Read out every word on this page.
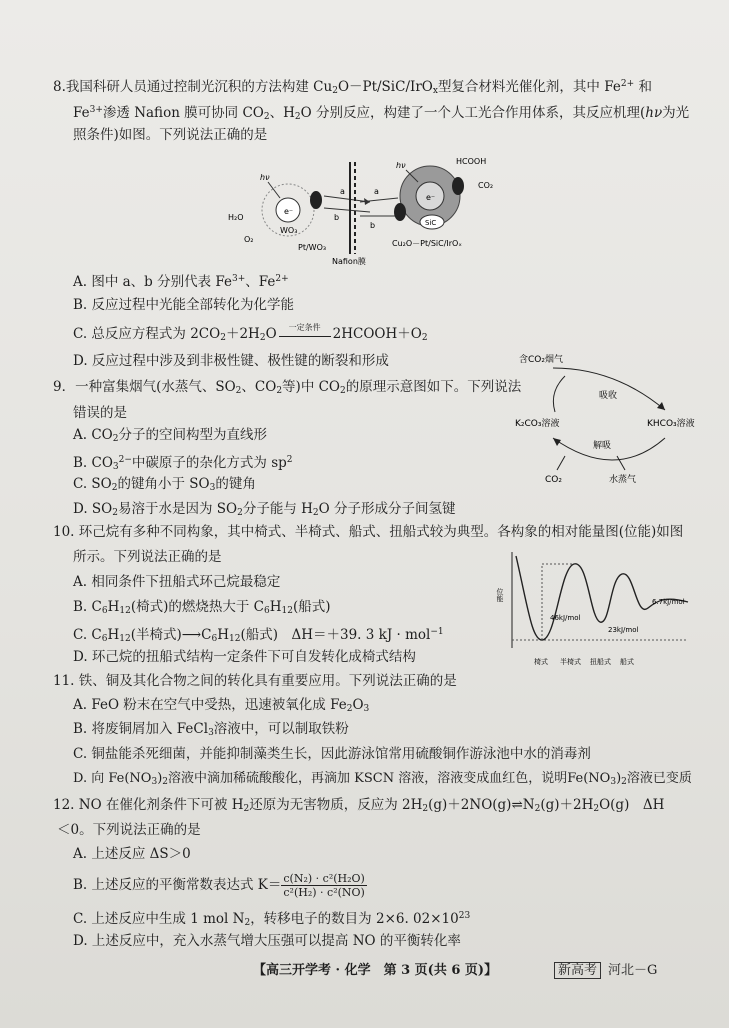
8.我国科研人员通过控制光沉积的方法构建 $Cu_2O-Pt/SiC/IrO_x$型复合材料光催化剂，其中 $Fe^{2+}$ 和
$Fe^{3+}$渗透 Nafion 膜可协同 $CO_2$、$H_2O$ 分别反应，构建了一个人工光合作用体系，其反应机理(hν为光
照条件)如图。下列说法正确的是
e⁻
hν
H₂O
O₂
WO₃
Pt/WO₃
a
b
Nafion膜
a
b
e⁻
SiC
hν	HCOOH
CO₂
Cu₂O－Pt/SiC/IrOₓ
A. 图中 a、b 分别代表 $Fe^{3+}$、$Fe^{2+}$
B. 反应过程中光能全部转化为化学能
C. 总反应方程式为 $2CO_2+2H_2O$	一定条件 $2HCOOH+O_2$
D. 反应过程中涉及到非极性键、极性键的断裂和形成
9．一种富集烟气(水蒸气、$SO_2$、$CO_2$等)中 $CO_2$的原理示意图如下。下列说法
错误的是
A. $CO_2$分子的空间构型为直线形
B. $CO_3^{2-}$中碳原子的杂化方式为 $sp^2$
C. $SO_2$的键角小于 $SO_3$的键角
D. $SO_2$易溶于水是因为 $SO_2$分子能与 $H_2O$ 分子形成分子间氢键
含CO₂烟气
吸收
K₂CO₃溶液	KHCO₃溶液
解吸
CO₂	水蒸气
10. 环己烷有多种不同构象，其中椅式、半椅式、船式、扭船式较为典型。各构象的相对能量图(位能)如图
所示。下列说法正确的是
A. 相同条件下扭船式环己烷最稳定
B. $C_6H_{12}$(椅式)的燃烧热大于 $C_6H_{12}$(船式)
C. $C_6H_{12}$(半椅式)$⟶C_6H_{12}$(船式)　ΔH＝＋39. 3 kJ · mol$^{-1}$
D. 环己烷的扭船式结构一定条件下可自发转化成椅式结构
位能
46kJ/mol
6.7kJ/mol
23kJ/mol
椅式 半椅式 扭船式 船式
11. 铁、铜及其化合物之间的转化具有重要应用。下列说法正确的是
A. FeO 粉末在空气中受热，迅速被氧化成 $Fe_2O_3$
B. 将废铜屑加入 FeCl$_3$溶液中，可以制取铁粉
C. 铜盐能杀死细菌，并能抑制藻类生长，因此游泳馆常用硫酸铜作游泳池中水的消毒剂
D. 向 $Fe(NO_3)_2$溶液中滴加稀硫酸酸化，再滴加 KSCN 溶液，溶液变成血红色，说明$Fe(NO_3)_2$溶液已变质
12. NO 在催化剂条件下可被 $H_2$还原为无害物质，反应为 $2H_2(g)+2NO(g)\rightleftharpoons N_2(g)+2H_2O(g)$　ΔH
＜0。下列说法正确的是
A. 上述反应 ΔS＞0
B. 上述反应的平衡常数表达式 $K= \frac{\text{c(N₂) · c²(H₂O)}}{\text{c²(H₂) · c²(NO)}}$
C. 上述反应中生成 1 mol $N_2$，转移电子的数目为 2×6. $02\times 10^{23}$
D. 上述反应中，充入水蒸气增大压强可以提高 NO 的平衡转化率
【高三开学考 · 化学　第 3 页(共 6 页)】	新高考 河北－G
